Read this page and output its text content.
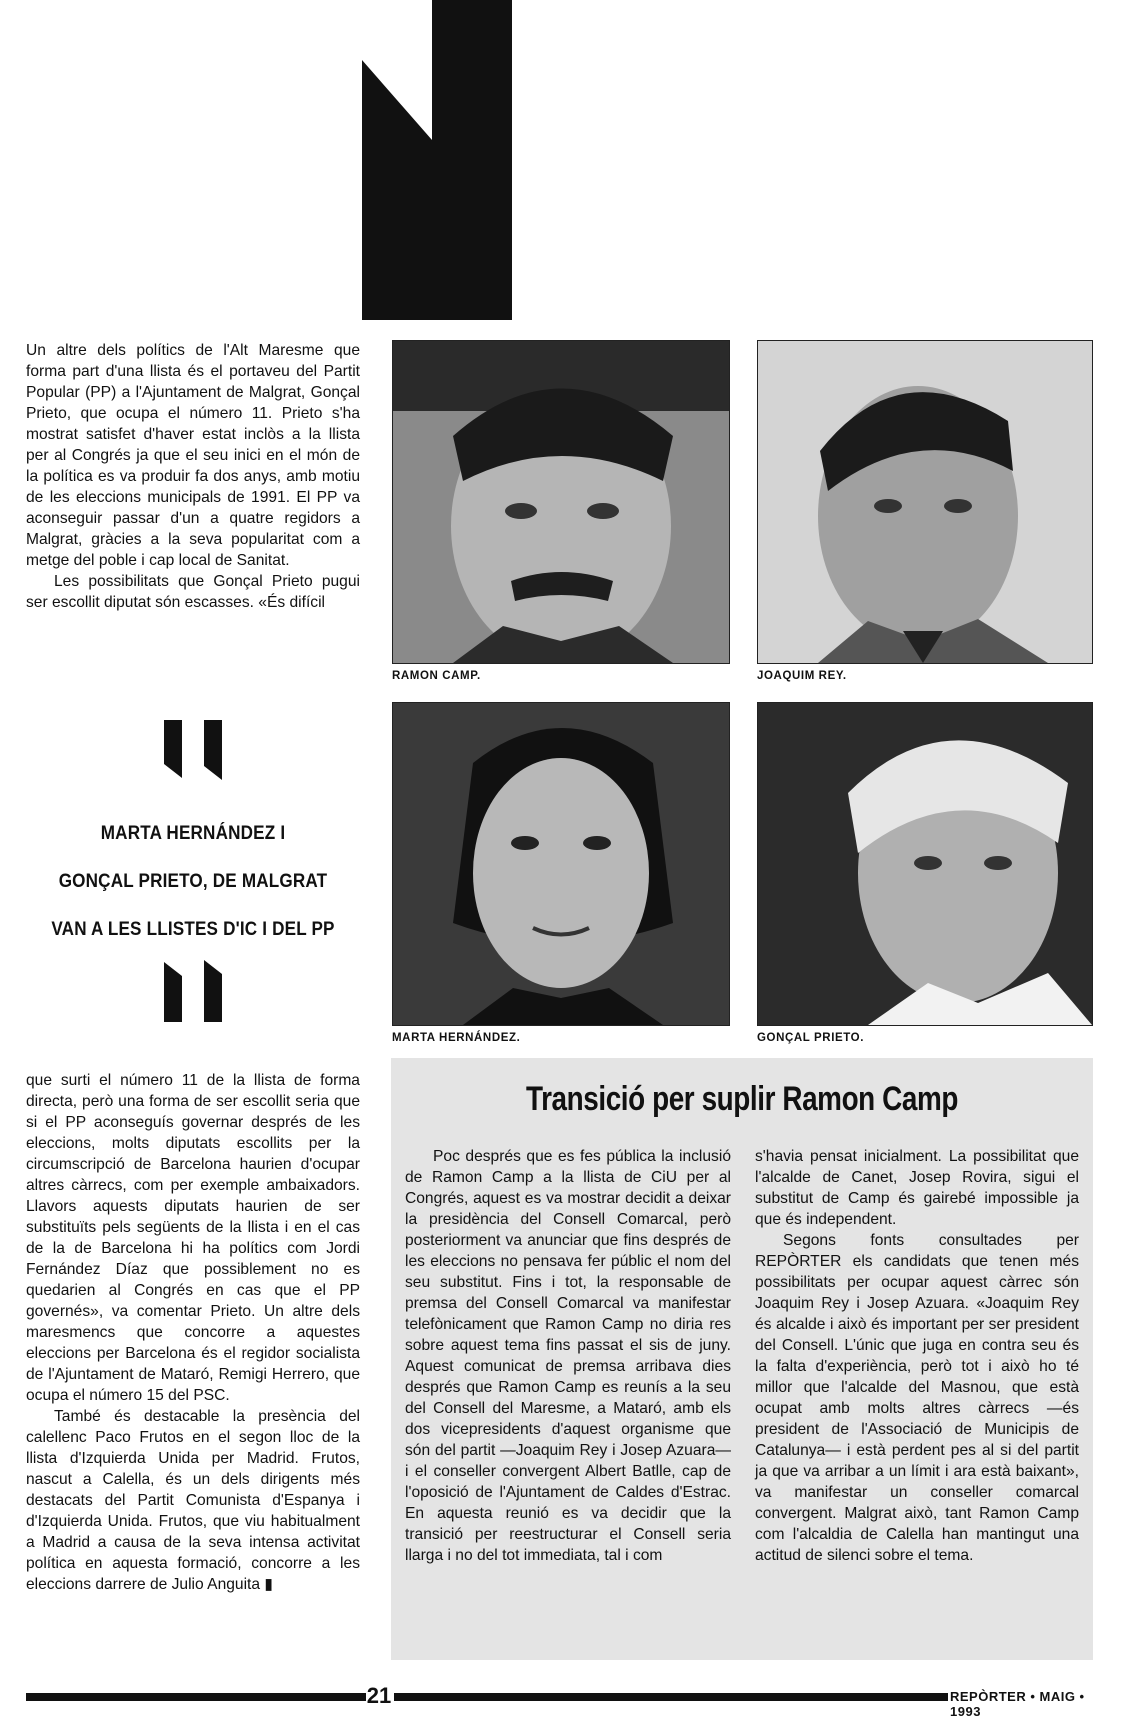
Un altre dels polítics de l'Alt Maresme que forma part d'una llista és el portaveu del Partit Popular (PP) a l'Ajuntament de Malgrat, Gonçal Prieto, que ocupa el número 11. Prieto s'ha mostrat satisfet d'haver estat inclòs a la llista per al Congrés ja que el seu inici en el món de la política es va produir fa dos anys, amb motiu de les eleccions municipals de 1991. El PP va aconseguir passar d'un a quatre regidors a Malgrat, gràcies a la seva popularitat com a metge del poble i cap local de Sanitat.

Les possibilitats que Gonçal Prieto pugui ser escollit diputat són escasses. «És difícil

MARTA HERNÁNDEZ I
GONÇAL PRIETO, DE MALGRAT
VAN A LES LLISTES D'IC I DEL PP
RAMON CAMP.	JOAQUIM REY.
MARTA HERNÁNDEZ.	GONÇAL PRIETO.

que surti el número 11 de la llista de forma directa, però una forma de ser escollit seria que si el PP aconseguís governar després de les eleccions, molts diputats escollits per la circumscripció de Barcelona haurien d'ocupar altres càrrecs, com per exemple ambaixadors. Llavors aquests diputats haurien de ser substituïts pels següents de la llista i en el cas de la de Barcelona hi ha polítics com Jordi Fernández Díaz que possiblement no es quedarien al Congrés en cas que el PP governés», va comentar Prieto. Un altre dels maresmencs que concorre a aquestes eleccions per Barcelona és el regidor socialista de l'Ajuntament de Mataró, Remigi Herrero, que ocupa el número 15 del PSC.

També és destacable la presència del calellenc Paco Frutos en el segon lloc de la llista d'Izquierda Unida per Madrid. Frutos, nascut a Calella, és un dels dirigents més destacats del Partit Comunista d'Espanya i d'Izquierda Unida. Frutos, que viu habitualment a Madrid a causa de la seva intensa activitat política en aquesta formació, concorre a les eleccions darrere de Julio Anguita ▮

Transició per suplir Ramon Camp

Poc després que es fes pública la inclusió de Ramon Camp a la llista de CiU per al Congrés, aquest es va mostrar decidit a deixar la presidència del Consell Comarcal, però posteriorment va anunciar que fins després de les eleccions no pensava fer públic el nom del seu substitut. Fins i tot, la responsable de premsa del Consell Comarcal va manifestar telefònicament que Ramon Camp no diria res sobre aquest tema fins passat el sis de juny. Aquest comunicat de premsa arribava dies després que Ramon Camp es reunís a la seu del Consell del Maresme, a Mataró, amb els dos vicepresidents d'aquest organisme que són del partit —Joaquim Rey i Josep Azuara— i el conseller convergent Albert Batlle, cap de l'oposició de l'Ajuntament de Caldes d'Estrac. En aquesta reunió es va decidir que la transició per reestructurar el Consell seria llarga i no del tot immediata, tal i com

s'havia pensat inicialment. La possibilitat que l'alcalde de Canet, Josep Rovira, sigui el substitut de Camp és gairebé impossible ja que és independent.

Segons fonts consultades per REPÒRTER els candidats que tenen més possibilitats per ocupar aquest càrrec són Joaquim Rey i Josep Azuara. «Joaquim Rey és alcalde i això és important per ser president del Consell. L'únic que juga en contra seu és la falta d'experiència, però tot i això ho té millor que l'alcalde del Masnou, que està ocupat amb molts altres càrrecs —és president de l'Associació de Municipis de Catalunya— i està perdent pes al si del partit ja que va arribar a un límit i ara està baixant», va manifestar un conseller comarcal convergent. Malgrat això, tant Ramon Camp com l'alcaldia de Calella han mantingut una actitud de silenci sobre el tema.

21	REPÒRTER • MAIG • 1993
